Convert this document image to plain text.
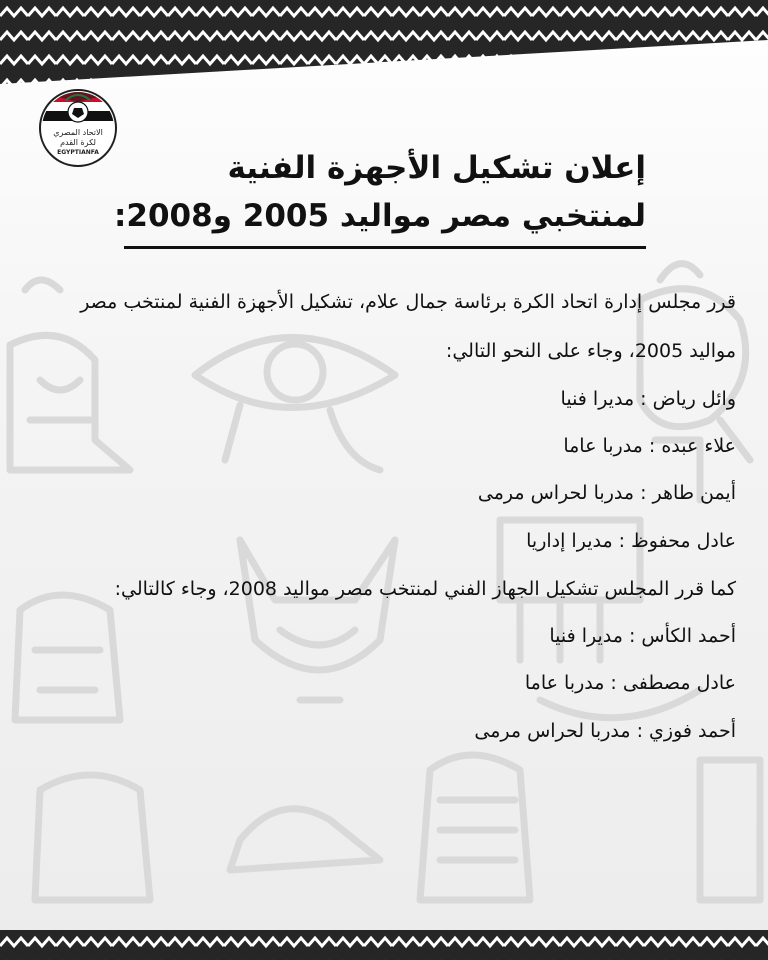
الاتحاد المصري
لكرة القدم
EGYPTIANFA	إعلان تشكيل الأجهزة الفنية
لمنتخبي مصر مواليد 2005 و2008:
قرر مجلس إدارة اتحاد الكرة برئاسة جمال علام، تشكيل الأجهزة الفنية لمنتخب مصر
مواليد 2005، وجاء على النحو التالي:
وائل رياض : مديرا فنيا
علاء عبده : مدربا عاما
أيمن طاهر : مدربا لحراس مرمى
عادل محفوظ : مديرا إداريا
كما قرر المجلس تشكيل الجهاز الفني لمنتخب مصر مواليد 2008، وجاء كالتالي:
أحمد الكأس : مديرا فنيا
عادل مصطفى : مدربا عاما
أحمد فوزي : مدربا لحراس مرمى
